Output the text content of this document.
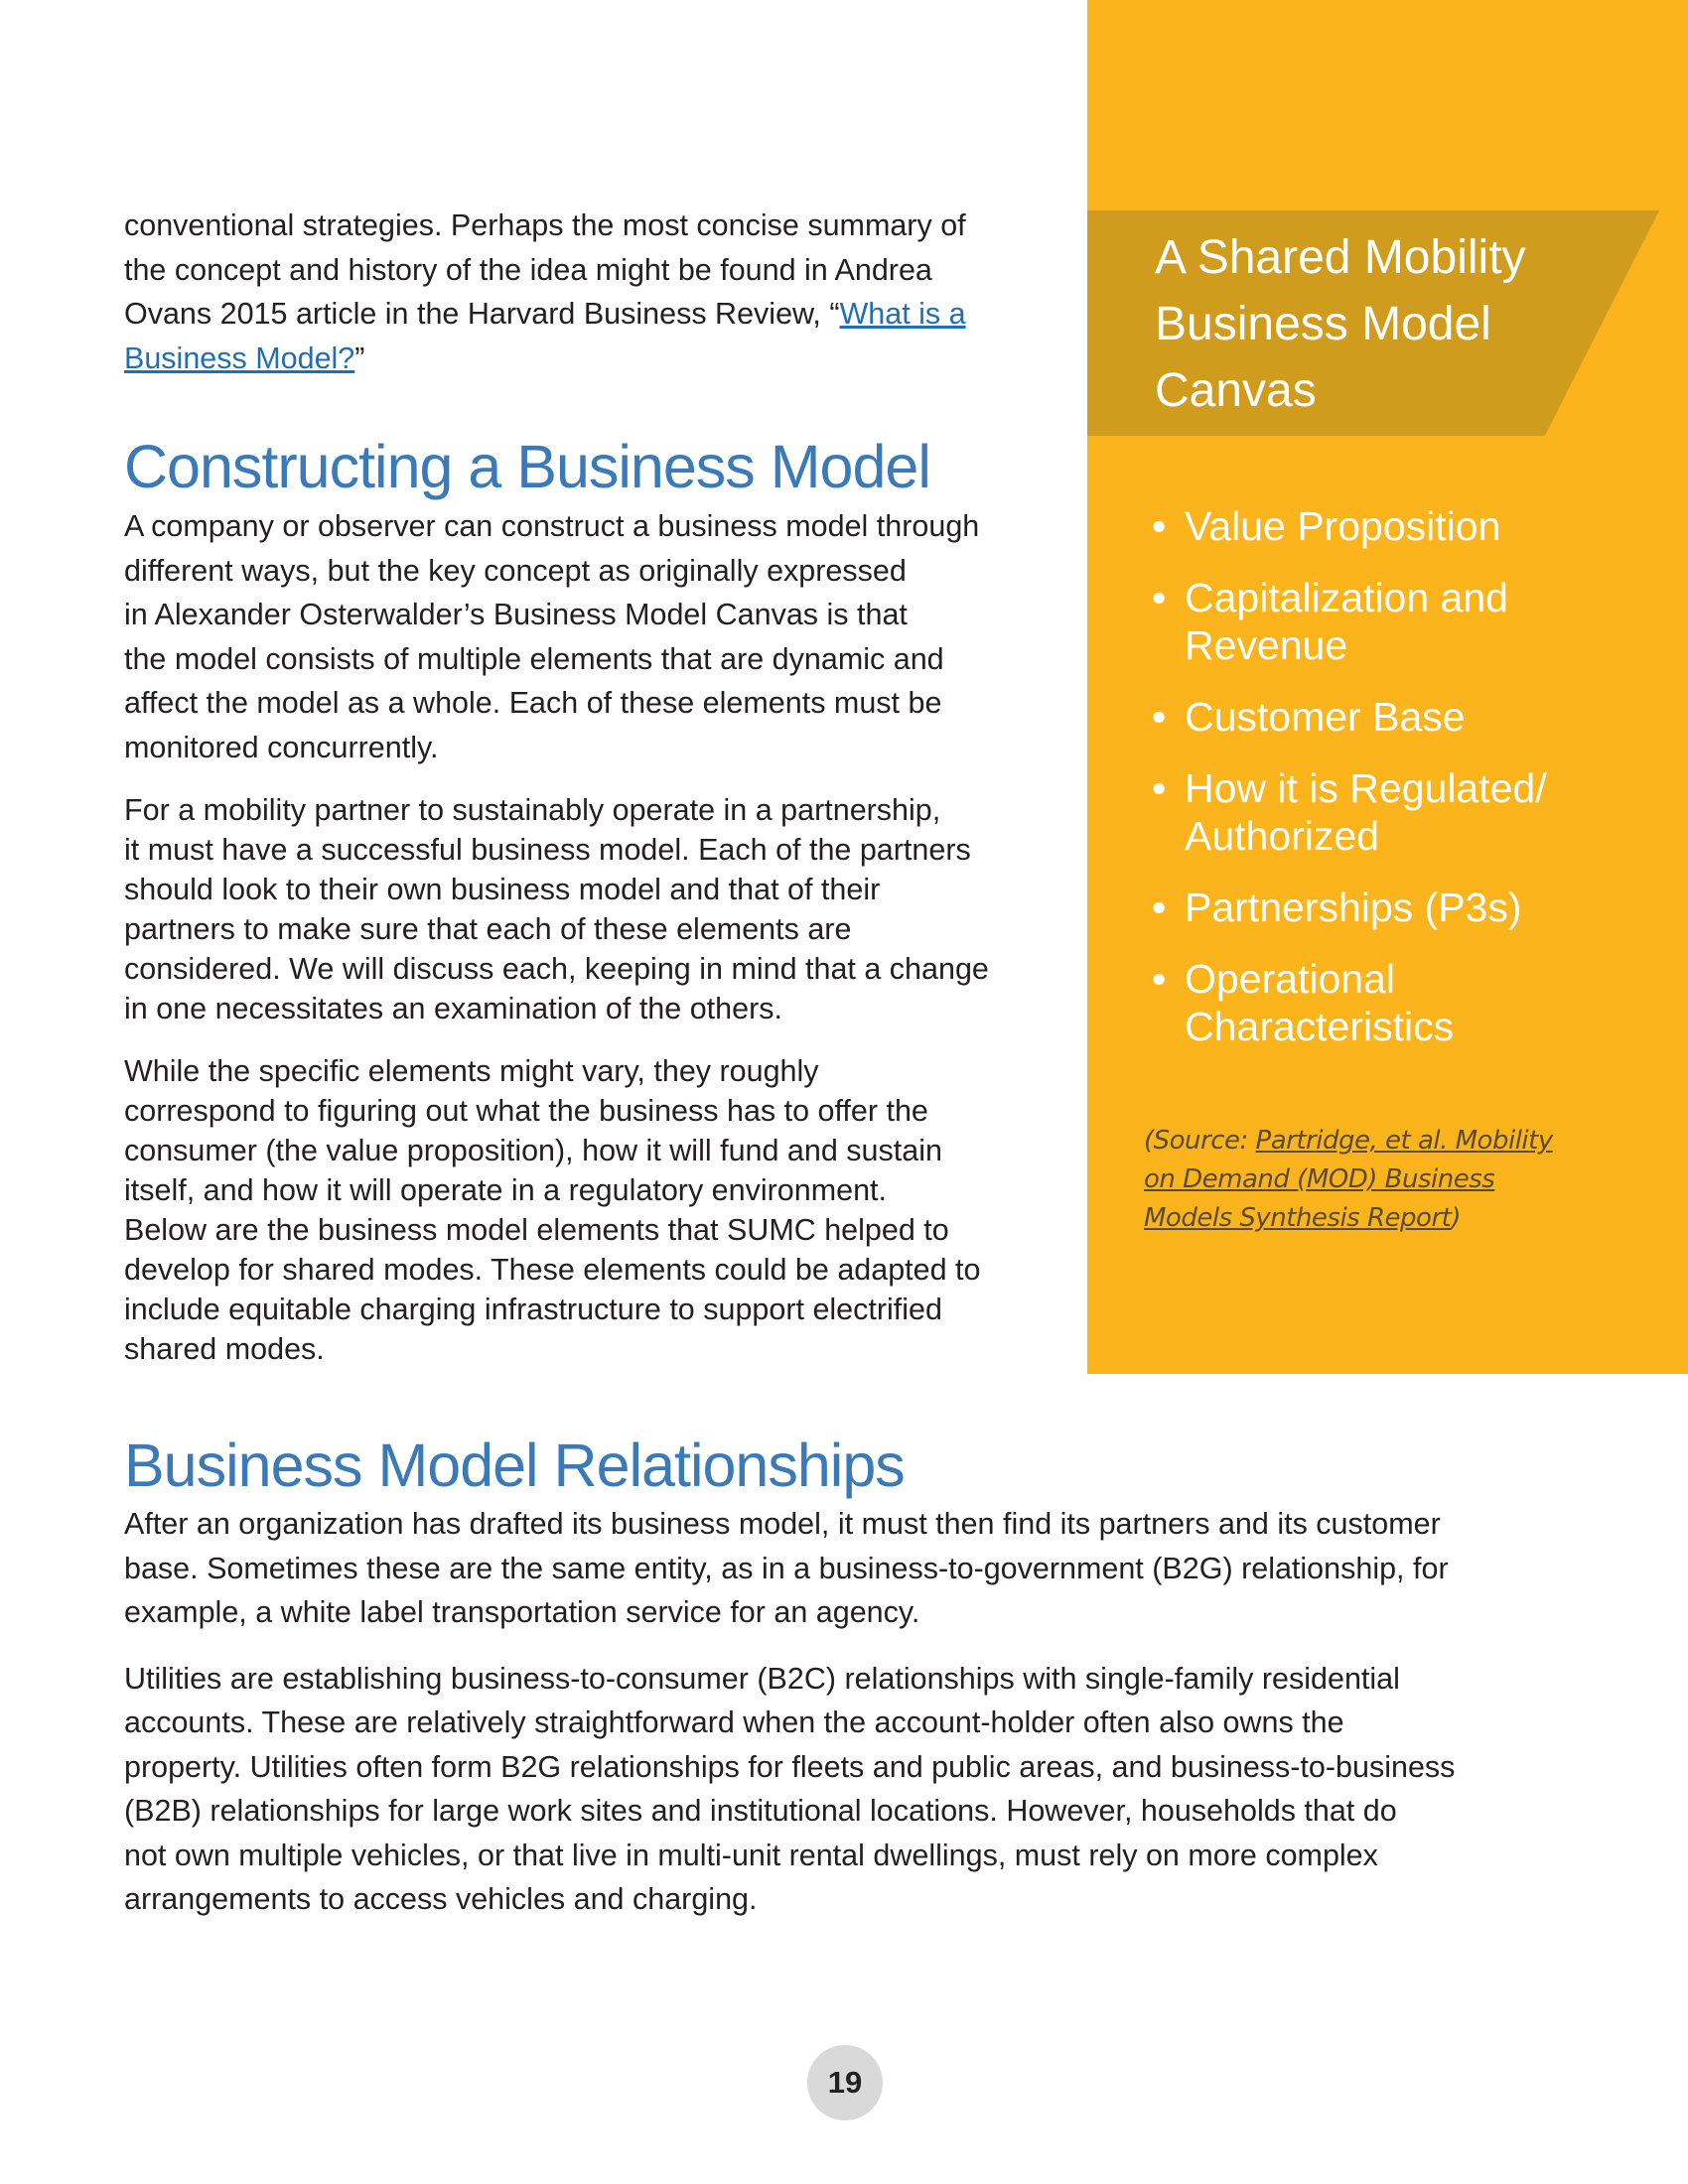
A Shared Mobility
Business Model
Canvas
• Value Proposition
• Capitalization and
Revenue
• Customer Base
• How it is Regulated/
Authorized
• Partnerships (P3s)
• Operational
Characteristics

(Source: Partridge, et al. Mobility
on Demand (MOD) Business
Models Synthesis Report)

conventional strategies. Perhaps the most concise summary of
the concept and history of the idea might be found in Andrea
Ovans 2015 article in the Harvard Business Review, “What is a
Business Model?”

Constructing a Business Model

A company or observer can construct a business model through
different ways, but the key concept as originally expressed
in Alexander Osterwalder’s Business Model Canvas is that
the model consists of multiple elements that are dynamic and
affect the model as a whole. Each of these elements must be
monitored concurrently.

For a mobility partner to sustainably operate in a partnership,
it must have a successful business model. Each of the partners
should look to their own business model and that of their
partners to make sure that each of these elements are
considered. We will discuss each, keeping in mind that a change
in one necessitates an examination of the others.

While the specific elements might vary, they roughly
correspond to figuring out what the business has to offer the
consumer (the value proposition), how it will fund and sustain
itself, and how it will operate in a regulatory environment.
Below are the business model elements that SUMC helped to
develop for shared modes. These elements could be adapted to
include equitable charging infrastructure to support electrified
shared modes.

Business Model Relationships

After an organization has drafted its business model, it must then find its partners and its customer
base. Sometimes these are the same entity, as in a business-to-government (B2G) relationship, for
example, a white label transportation service for an agency.

Utilities are establishing business-to-consumer (B2C) relationships with single-family residential
accounts. These are relatively straightforward when the account-holder often also owns the
property. Utilities often form B2G relationships for fleets and public areas, and business-to-business
(B2B) relationships for large work sites and institutional locations. However, households that do
not own multiple vehicles, or that live in multi-unit rental dwellings, must rely on more complex
arrangements to access vehicles and charging.

19
